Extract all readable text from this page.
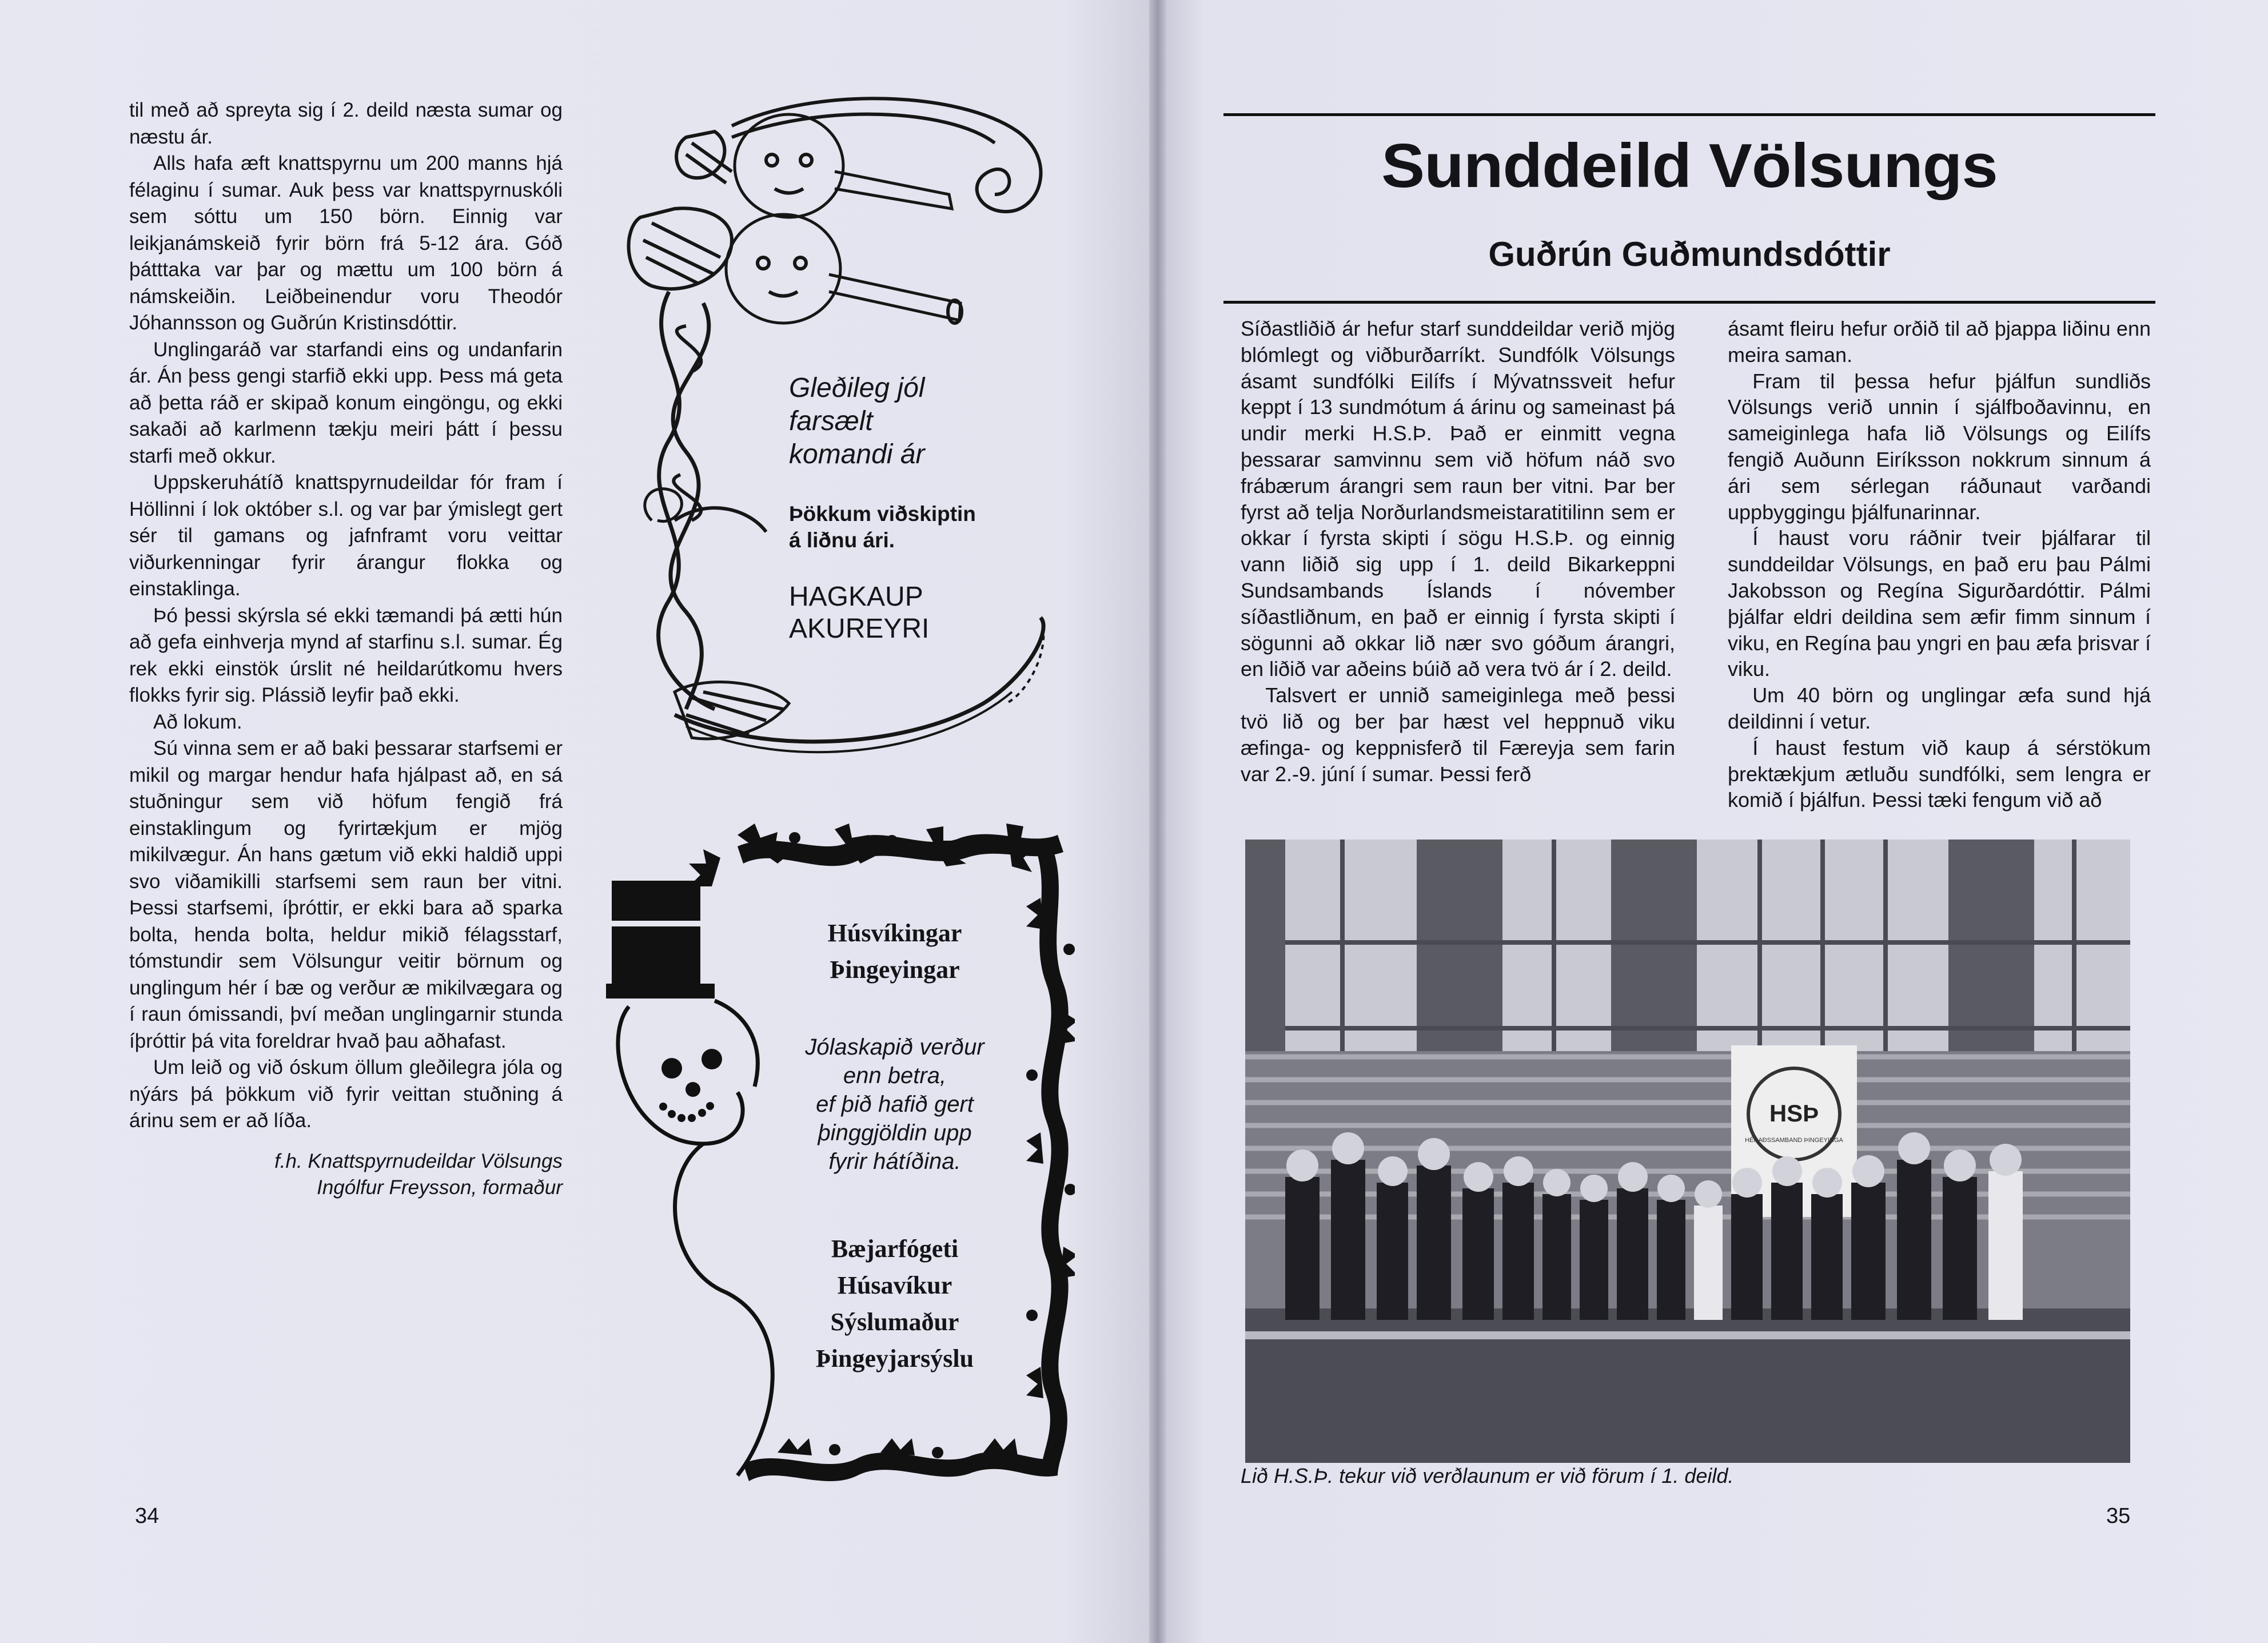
til með að spreyta sig í 2. deild næsta sumar og næstu ár.

Alls hafa æft knattspyrnu um 200 manns hjá félaginu í sumar. Auk þess var knattspyrnuskóli sem sóttu um 150 börn. Einnig var leikjanámskeið fyrir börn frá 5-12 ára. Góð þátttaka var þar og mættu um 100 börn á námskeiðin. Leiðbeinendur voru Theodór Jóhannsson og Guðrún Kristinsdóttir.

Unglingaráð var starfandi eins og undanfarin ár. Án þess gengi starfið ekki upp. Þess má geta að þetta ráð er skipað konum eingöngu, og ekki sakaði að karlmenn tækju meiri þátt í þessu starfi með okkur.

Uppskeruhátíð knattspyrnudeildar fór fram í Höllinni í lok október s.l. og var þar ýmislegt gert sér til gamans og jafnframt voru veittar viðurkenningar fyrir árangur flokka og einstaklinga.

Þó þessi skýrsla sé ekki tæmandi þá ætti hún að gefa einhverja mynd af starfinu s.l. sumar. Ég rek ekki einstök úrslit né heildarútkomu hvers flokks fyrir sig. Plássið leyfir það ekki.

Að lokum.

Sú vinna sem er að baki þessarar starfsemi er mikil og margar hendur hafa hjálpast að, en sá stuðningur sem við höfum fengið frá einstaklingum og fyrirtækjum er mjög mikilvægur. Án hans gætum við ekki haldið uppi svo viðamikilli starfsemi sem raun ber vitni. Þessi starfsemi, íþróttir, er ekki bara að sparka bolta, henda bolta, heldur mikið félagsstarf, tómstundir sem Völsungur veitir börnum og unglingum hér í bæ og verður æ mikilvægara og í raun ómissandi, því meðan unglingarnir stunda íþróttir þá vita foreldrar hvað þau aðhafast.

Um leið og við óskum öllum gleðilegra jóla og nýárs þá þökkum við fyrir veittan stuðning á árinu sem er að líða.

f.h. Knattspyrnudeildar Völsungs
Ingólfur Freysson, formaður

Gleðileg jól
farsælt
komandi ár
Þökkum viðskiptin
á liðnu ári.
HAGKAUP
AKUREYRI
Húsvíkingar
Þingeyingar
Jólaskapið verður
enn betra,
ef þið hafið gert
þinggjöldin upp
fyrir hátíðina.
Bæjarfógeti
Húsavíkur
Sýslumaður
Þingeyjarsýslu
34
Sunddeild Völsungs
Guðrún Guðmundsdóttir

Síðastliðið ár hefur starf sunddeildar verið mjög blómlegt og viðburðarríkt. Sundfólk Völsungs ásamt sundfólki Eilífs í Mývatnssveit hefur keppt í 13 sundmótum á árinu og sameinast þá undir merki H.S.Þ. Það er einmitt vegna þessarar samvinnu sem við höfum náð svo frábærum árangri sem raun ber vitni. Þar ber fyrst að telja Norðurlandsmeistaratitilinn sem er okkar í fyrsta skipti í sögu H.S.Þ. og einnig vann liðið sig upp í 1. deild Bikarkeppni Sundsambands Íslands í nóvember síðastliðnum, en það er einnig í fyrsta skipti í sögunni að okkar lið nær svo góðum árangri, en liðið var aðeins búið að vera tvö ár í 2. deild.

Talsvert er unnið sameiginlega með þessi tvö lið og ber þar hæst vel heppnuð viku æfinga- og keppnisferð til Færeyja sem farin var 2.-9. júní í sumar. Þessi ferð

ásamt fleiru hefur orðið til að þjappa liðinu enn meira saman.

Fram til þessa hefur þjálfun sundliðs Völsungs verið unnin í sjálfboðavinnu, en sameiginlega hafa lið Völsungs og Eilífs fengið Auðunn Eiríksson nokkrum sinnum á ári sem sérlegan ráðunaut varðandi uppbyggingu þjálfunarinnar.

Í haust voru ráðnir tveir þjálfarar til sunddeildar Völsungs, en það eru þau Pálmi Jakobsson og Regína Sigurðardóttir. Pálmi þjálfar eldri deildina sem æfir fimm sinnum í viku, en Regína þau yngri en þau æfa þrisvar í viku.

Um 40 börn og unglingar æfa sund hjá deildinni í vetur.

Í haust festum við kaup á sérstökum þrektækjum ætluðu sundfólki, sem lengra er komið í þjálfun. Þessi tæki fengum við að

HSÞ
HÉRAÐSSAMBAND ÞINGEYINGA
Lið H.S.Þ. tekur við verðlaunum er við förum í 1. deild.
35
